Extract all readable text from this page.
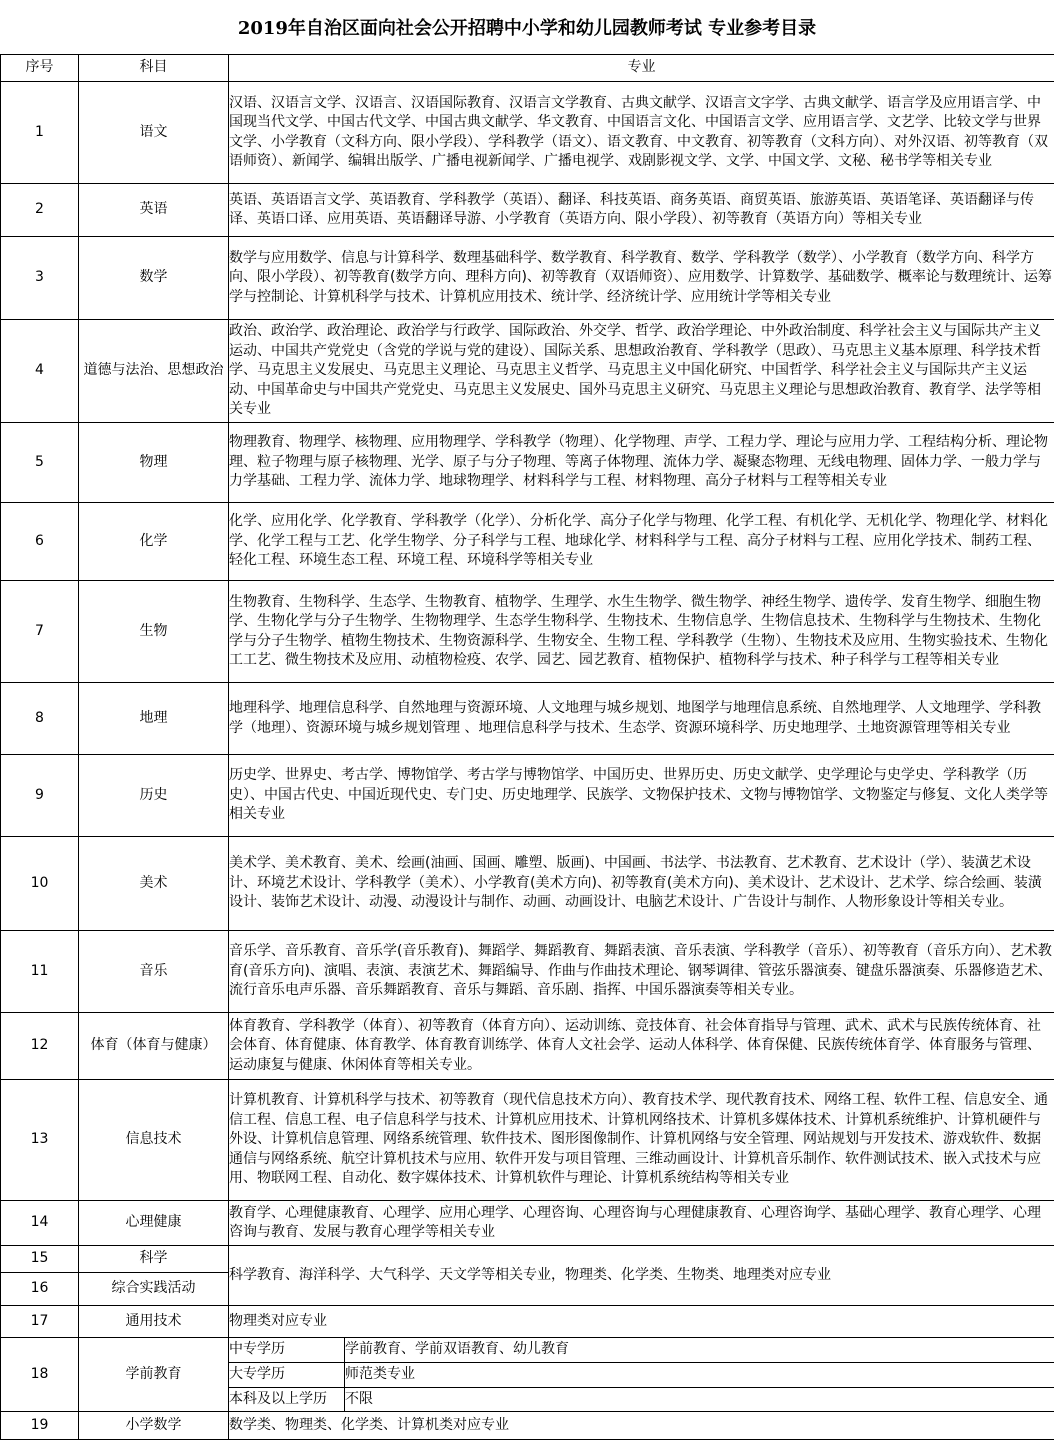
2019年自治区面向社会公开招聘中小学和幼儿园教师考试 专业参考目录
序号	科目	专业	
1	语文	汉语、汉语言文学、汉语言、汉语国际教育、汉语言文学教育、古典文献学、汉语言文字学、古典文献学、语言学及应用语言学、中国现当代文学、中国古代文学、中国古典文献学、华文教育、中国语言文化、中国语言文学、应用语言学、文艺学、比较文学与世界文学、小学教育（文科方向、限小学段）、学科教学（语文）、语文教育、中文教育、初等教育（文科方向）、对外汉语、初等教育（双语师资）、新闻学、编辑出版学、广播电视新闻学、广播电视学、戏剧影视文学、文学、中国文学、文秘、秘书学等相关专业	
2	英语	英语、英语语言文学、英语教育、学科教学（英语）、翻译、科技英语、商务英语、商贸英语、旅游英语、英语笔译、英语翻译与传译、英语口译、应用英语、英语翻译导游、小学教育（英语方向、限小学段）、初等教育（英语方向）等相关专业	
3	数学	数学与应用数学、信息与计算科学、数理基础科学、数学教育、科学教育、数学、学科教学（数学）、小学教育（数学方向、科学方向、限小学段）、初等教育(数学方向、理科方向)、初等教育（双语师资）、应用数学、计算数学、基础数学、概率论与数理统计、运筹学与控制论、计算机科学与技术、计算机应用技术、统计学、经济统计学、应用统计学等相关专业	
4	道德与法治、思想政治	政治、政治学、政治理论、政治学与行政学、国际政治、外交学、哲学、政治学理论、中外政治制度、科学社会主义与国际共产主义运动、中国共产党党史（含党的学说与党的建设）、国际关系、思想政治教育、学科教学（思政）、马克思主义基本原理、科学技术哲学、马克思主义发展史、马克思主义理论、马克思主义哲学、马克思主义中国化研究、中国哲学、科学社会主义与国际共产主义运动、中国革命史与中国共产党党史、马克思主义发展史、国外马克思主义研究、马克思主义理论与思想政治教育、教育学、法学等相关专业	
5	物理	物理教育、物理学、核物理、应用物理学、学科教学（物理）、化学物理、声学、工程力学、理论与应用力学、工程结构分析、理论物理、粒子物理与原子核物理、光学、原子与分子物理、等离子体物理、流体力学、凝聚态物理、无线电物理、固体力学、一般力学与力学基础、工程力学、流体力学、地球物理学、材料科学与工程、材料物理、高分子材料与工程等相关专业	
6	化学	化学、应用化学、化学教育、学科教学（化学）、分析化学、高分子化学与物理、化学工程、有机化学、无机化学、物理化学、材料化学、化学工程与工艺、化学生物学、分子科学与工程、地球化学、材料科学与工程、高分子材料与工程、应用化学技术、制药工程、轻化工程、环境生态工程、环境工程、环境科学等相关专业	
7	生物	生物教育、生物科学、生态学、生物教育、植物学、生理学、水生生物学、微生物学、神经生物学、遗传学、发育生物学、细胞生物学、生物化学与分子生物学、生物物理学、生态学生物科学、生物技术、生物信息学、生物信息技术、生物科学与生物技术、生物化学与分子生物学、植物生物技术、生物资源科学、生物安全、生物工程、学科教学（生物）、生物技术及应用、生物实验技术、生物化工工艺、微生物技术及应用、动植物检疫、农学、园艺、园艺教育、植物保护、植物科学与技术、种子科学与工程等相关专业	
8	地理	地理科学、地理信息科学、自然地理与资源环境、人文地理与城乡规划、地图学与地理信息系统、自然地理学、人文地理学、学科教学（地理）、资源环境与城乡规划管理 、地理信息科学与技术、生态学、资源环境科学、历史地理学、土地资源管理等相关专业	
9	历史	历史学、世界史、考古学、博物馆学、考古学与博物馆学、中国历史、世界历史、历史文献学、史学理论与史学史、学科教学（历史）、中国古代史、中国近现代史、专门史、历史地理学、民族学、文物保护技术、文物与博物馆学、文物鉴定与修复、文化人类学等相关专业	
10	美术	美术学、美术教育、美术、绘画(油画、国画、雕塑、版画)、中国画、书法学、书法教育、艺术教育、艺术设计（学）、装潢艺术设计、环境艺术设计、学科教学（美术）、小学教育(美术方向)、初等教育(美术方向)、美术设计、艺术设计、艺术学、综合绘画、装潢设计、装饰艺术设计、动漫、动漫设计与制作、动画、动画设计、电脑艺术设计、广告设计与制作、人物形象设计等相关专业。	
11	音乐	音乐学、音乐教育、音乐学(音乐教育)、舞蹈学、舞蹈教育、舞蹈表演、音乐表演、学科教学（音乐）、初等教育（音乐方向）、艺术教育(音乐方向)、演唱、表演、表演艺术、舞蹈编导、作曲与作曲技术理论、钢琴调律、管弦乐器演奏、键盘乐器演奏、乐器修造艺术、流行音乐电声乐器、音乐舞蹈教育、音乐与舞蹈、音乐剧、指挥、中国乐器演奏等相关专业。	
12	体育（体育与健康）	体育教育、学科教学（体育）、初等教育（体育方向）、运动训练、竞技体育、社会体育指导与管理、武术、武术与民族传统体育、社会体育、体育健康、体育教学、体育教育训练学、体育人文社会学、运动人体科学、体育保健、民族传统体育学、体育服务与管理、运动康复与健康、休闲体育等相关专业。	
13	信息技术	计算机教育、计算机科学与技术、初等教育（现代信息技术方向）、教育技术学、现代教育技术、网络工程、软件工程、信息安全、通信工程、信息工程、电子信息科学与技术、计算机应用技术、计算机网络技术、计算机多媒体技术、计算机系统维护、计算机硬件与外设、计算机信息管理、网络系统管理、软件技术、图形图像制作、计算机网络与安全管理、网站规划与开发技术、游戏软件、数据通信与网络系统、航空计算机技术与应用、软件开发与项目管理、三维动画设计、计算机音乐制作、软件测试技术、嵌入式技术与应用、物联网工程、自动化、数字媒体技术、计算机软件与理论、计算机系统结构等相关专业	
14	心理健康	教育学、心理健康教育、心理学、应用心理学、心理咨询、心理咨询与心理健康教育、心理咨询学、基础心理学、教育心理学、心理咨询与教育、发展与教育心理学等相关专业	
15	科学	科学教育、海洋科学、大气科学、天文学等相关专业，物理类、化学类、生物类、地理类对应专业	
16	综合实践活动		
17	通用技术	物理类对应专业	
18	学前教育	中专学历	学前教育、学前双语教育、幼儿教育
		大专学历	师范类专业
		本科及以上学历	不限
19	小学数学	数学类、物理类、化学类、计算机类对应专业	
